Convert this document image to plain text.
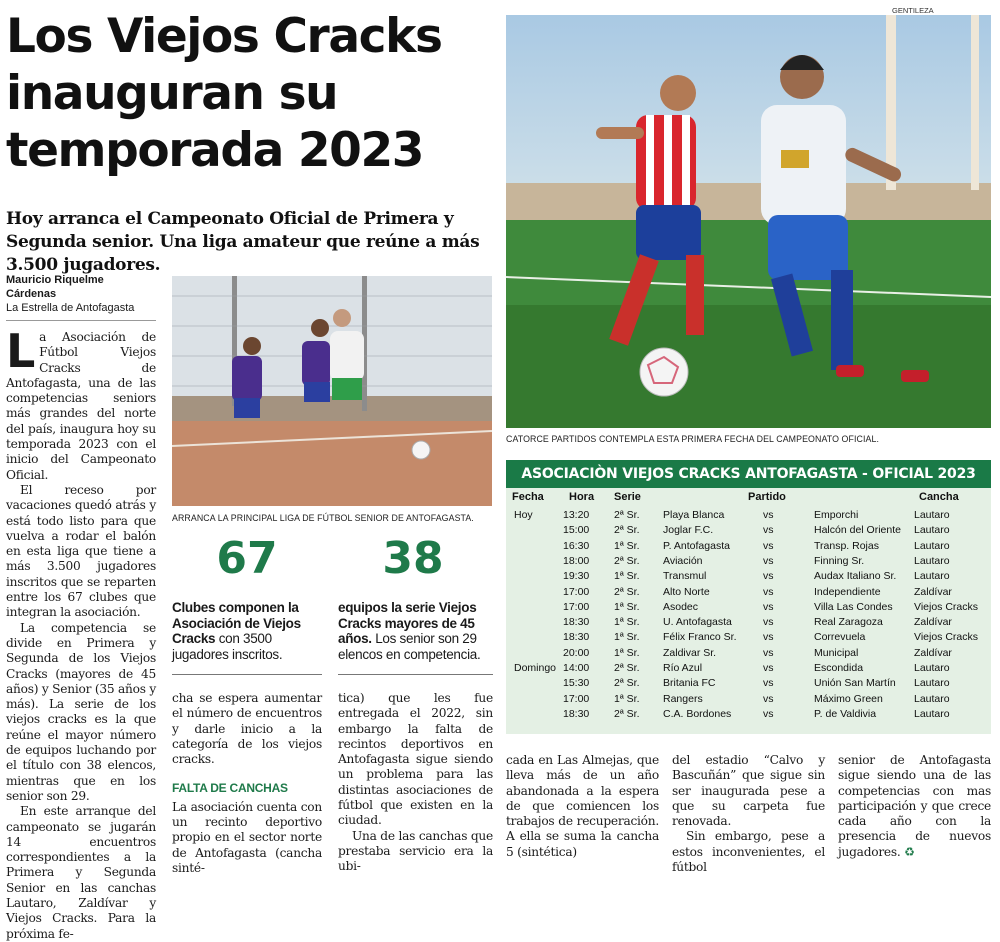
Los Viejos Cracks inauguran su temporada 2023

Hoy arranca el Campeonato Oficial de Primera y Segunda senior. Una liga amateur que reúne a más 3.500 jugadores.

Mauricio Riquelme Cárdenas
La Estrella de Antofagasta
GENTILEZA
CATORCE PARTIDOS CONTEMPLA ESTA PRIMERA FECHA DEL CAMPEONATO OFICIAL.
ARRANCA LA PRINCIPAL LIGA DE FÚTBOL SENIOR DE ANTOFAGASTA.
67
Clubes componen la Asociación de Viejos Cracks con 3500 jugadores inscritos.
38
equipos la serie Viejos Cracks mayores de 45 años. Los senior son 29 elencos en competencia.

La Asociación de Fútbol Viejos Cracks de Antofagasta, una de las competencias seniors más grandes del norte del país, inaugura hoy su temporada 2023 con el inicio del Campeonato Oficial.

El receso por vacaciones quedó atrás y está todo listo para que vuelva a rodar el balón en esta liga que tiene a más 3.500 jugadores inscritos que se reparten entre los 67 clubes que integran la asociación.

La competencia se divide en Primera y Segunda de los Viejos Cracks (mayores de 45 años) y Senior (35 años y más). La serie de los viejos cracks es la que reúne el mayor número de equipos luchando por el título con 38 elencos, mientras que en los senior son 29.

En este arranque del campeonato se jugarán 14 encuentros correspondientes a la Primera y Segunda Senior en las canchas Lautaro, Zaldívar y Viejos Cracks. Para la próxima fe-

cha se espera aumentar el número de encuentros y darle inicio a la categoría de los viejos cracks.

FALTA DE CANCHAS

La asociación cuenta con un recinto deportivo propio en el sector norte de Antofagasta (cancha sinté-

tica) que les fue entregada el 2022, sin embargo la falta de recintos deportivos en Antofagasta sigue siendo un problema para las distintas asociaciones de fútbol que existen en la ciudad.

Una de las canchas que prestaba servicio era la ubi-

cada en Las Almejas, que lleva más de un año abandonada a la espera de que comiencen los trabajos de recuperación. A ella se suma la cancha 5 (sintética)

del estadio “Calvo y Bascuñán” que sigue sin ser inaugurada pese a que su carpeta fue renovada.

Sin embargo, pese a estos inconvenientes, el fútbol

senior de Antofagasta sigue siendo una de las competencias con mas participación y que crece cada año con la presencia de nuevos jugadores. ♻

ASOCIACIÒN VIEJOS CRACKS ANTOFAGASTA - OFICIAL 2023
Fecha Hora Serie	Partido	Cancha
Hoy	13:20 2ª Sr. Playa Blanca	vs	Emporchi	Lautaro
15:00 2ª Sr. Joglar F.C.	vs	Halcón del Oriente Lautaro
16:30 1ª Sr. P. Antofagasta	vs	Transp. Rojas	Lautaro
18:00 2ª Sr. Aviación	vs	Finning Sr.	Lautaro
19:30 1ª Sr. Transmul	vs	Audax Italiano Sr. Lautaro
17:00 2ª Sr. Alto Norte	vs	Independiente	Zaldívar
17:00 1ª Sr. Asodec	vs	Villa Las Condes Viejos Cracks
18:30 1ª Sr. U. Antofagasta	vs	Real Zaragoza	Zaldívar
18:30 1ª Sr. Félix Franco Sr.	vs	Correvuela	Viejos Cracks
20:00 1ª Sr. Zaldivar Sr.	vs	Municipal	Zaldívar
Domingo 14:00 2ª Sr. Río Azul	vs	Escondida	Lautaro
15:30 2ª Sr. Britania FC	vs	Unión San Martín Lautaro
17:00 1ª Sr. Rangers	vs	Máximo Green	Lautaro
18:30 2ª Sr. C.A. Bordones	vs	P. de Valdivia	Lautaro
